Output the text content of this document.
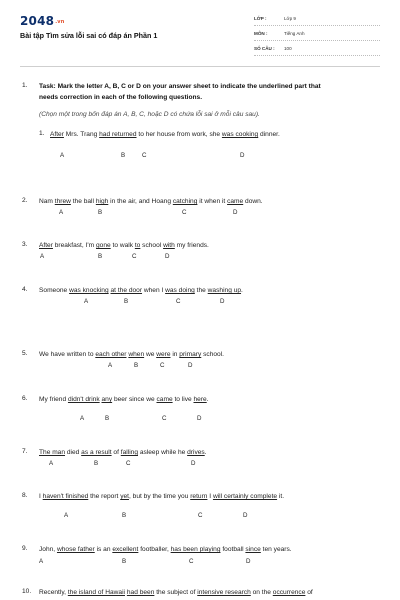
2048.vn
Bài tập Tìm sửa lỗi sai có đáp án Phần 1
LỚP :	Lớp 9
MÔN :	Tiếng Anh
SỐ CÂU : 100
1. Task: Mark the letter A, B, C or D on your answer sheet to indicate the underlined part that
needs correction in each of the following questions.
(Chọn một trong bốn đáp án A, B, C, hoặc D có chứa lỗi sai ở mỗi câu sau).
1. After Mrs. Trang had returned to her house from work, she was cooking dinner.
A	B	C	D
2. Nam threw the ball high in the air, and Hoang catching it when it came down.
A	B	C	D
3. After breakfast, I'm gone to walk to school with my friends.
A	B	C	D
4. Someone was knocking at the door when I was doing the washing up.
A	B	C	D
5. We have written to each other when we were in primary school.
A	B	C	D
6. My friend didn't drink any beer since we came to live here.
A	B	C	D
7. The man died as a result of falling asleep while he drives.
A	B	C	D
8. I haven't finished the report yet, but by the time you return I will certainly complete it.
A	B	C	D
9. John, whose father is an excellent footballer, has been playing football since ten years.
A	B	C	D
10. Recently, the island of Hawaii had been the subject of intensive research on the occurrence of
